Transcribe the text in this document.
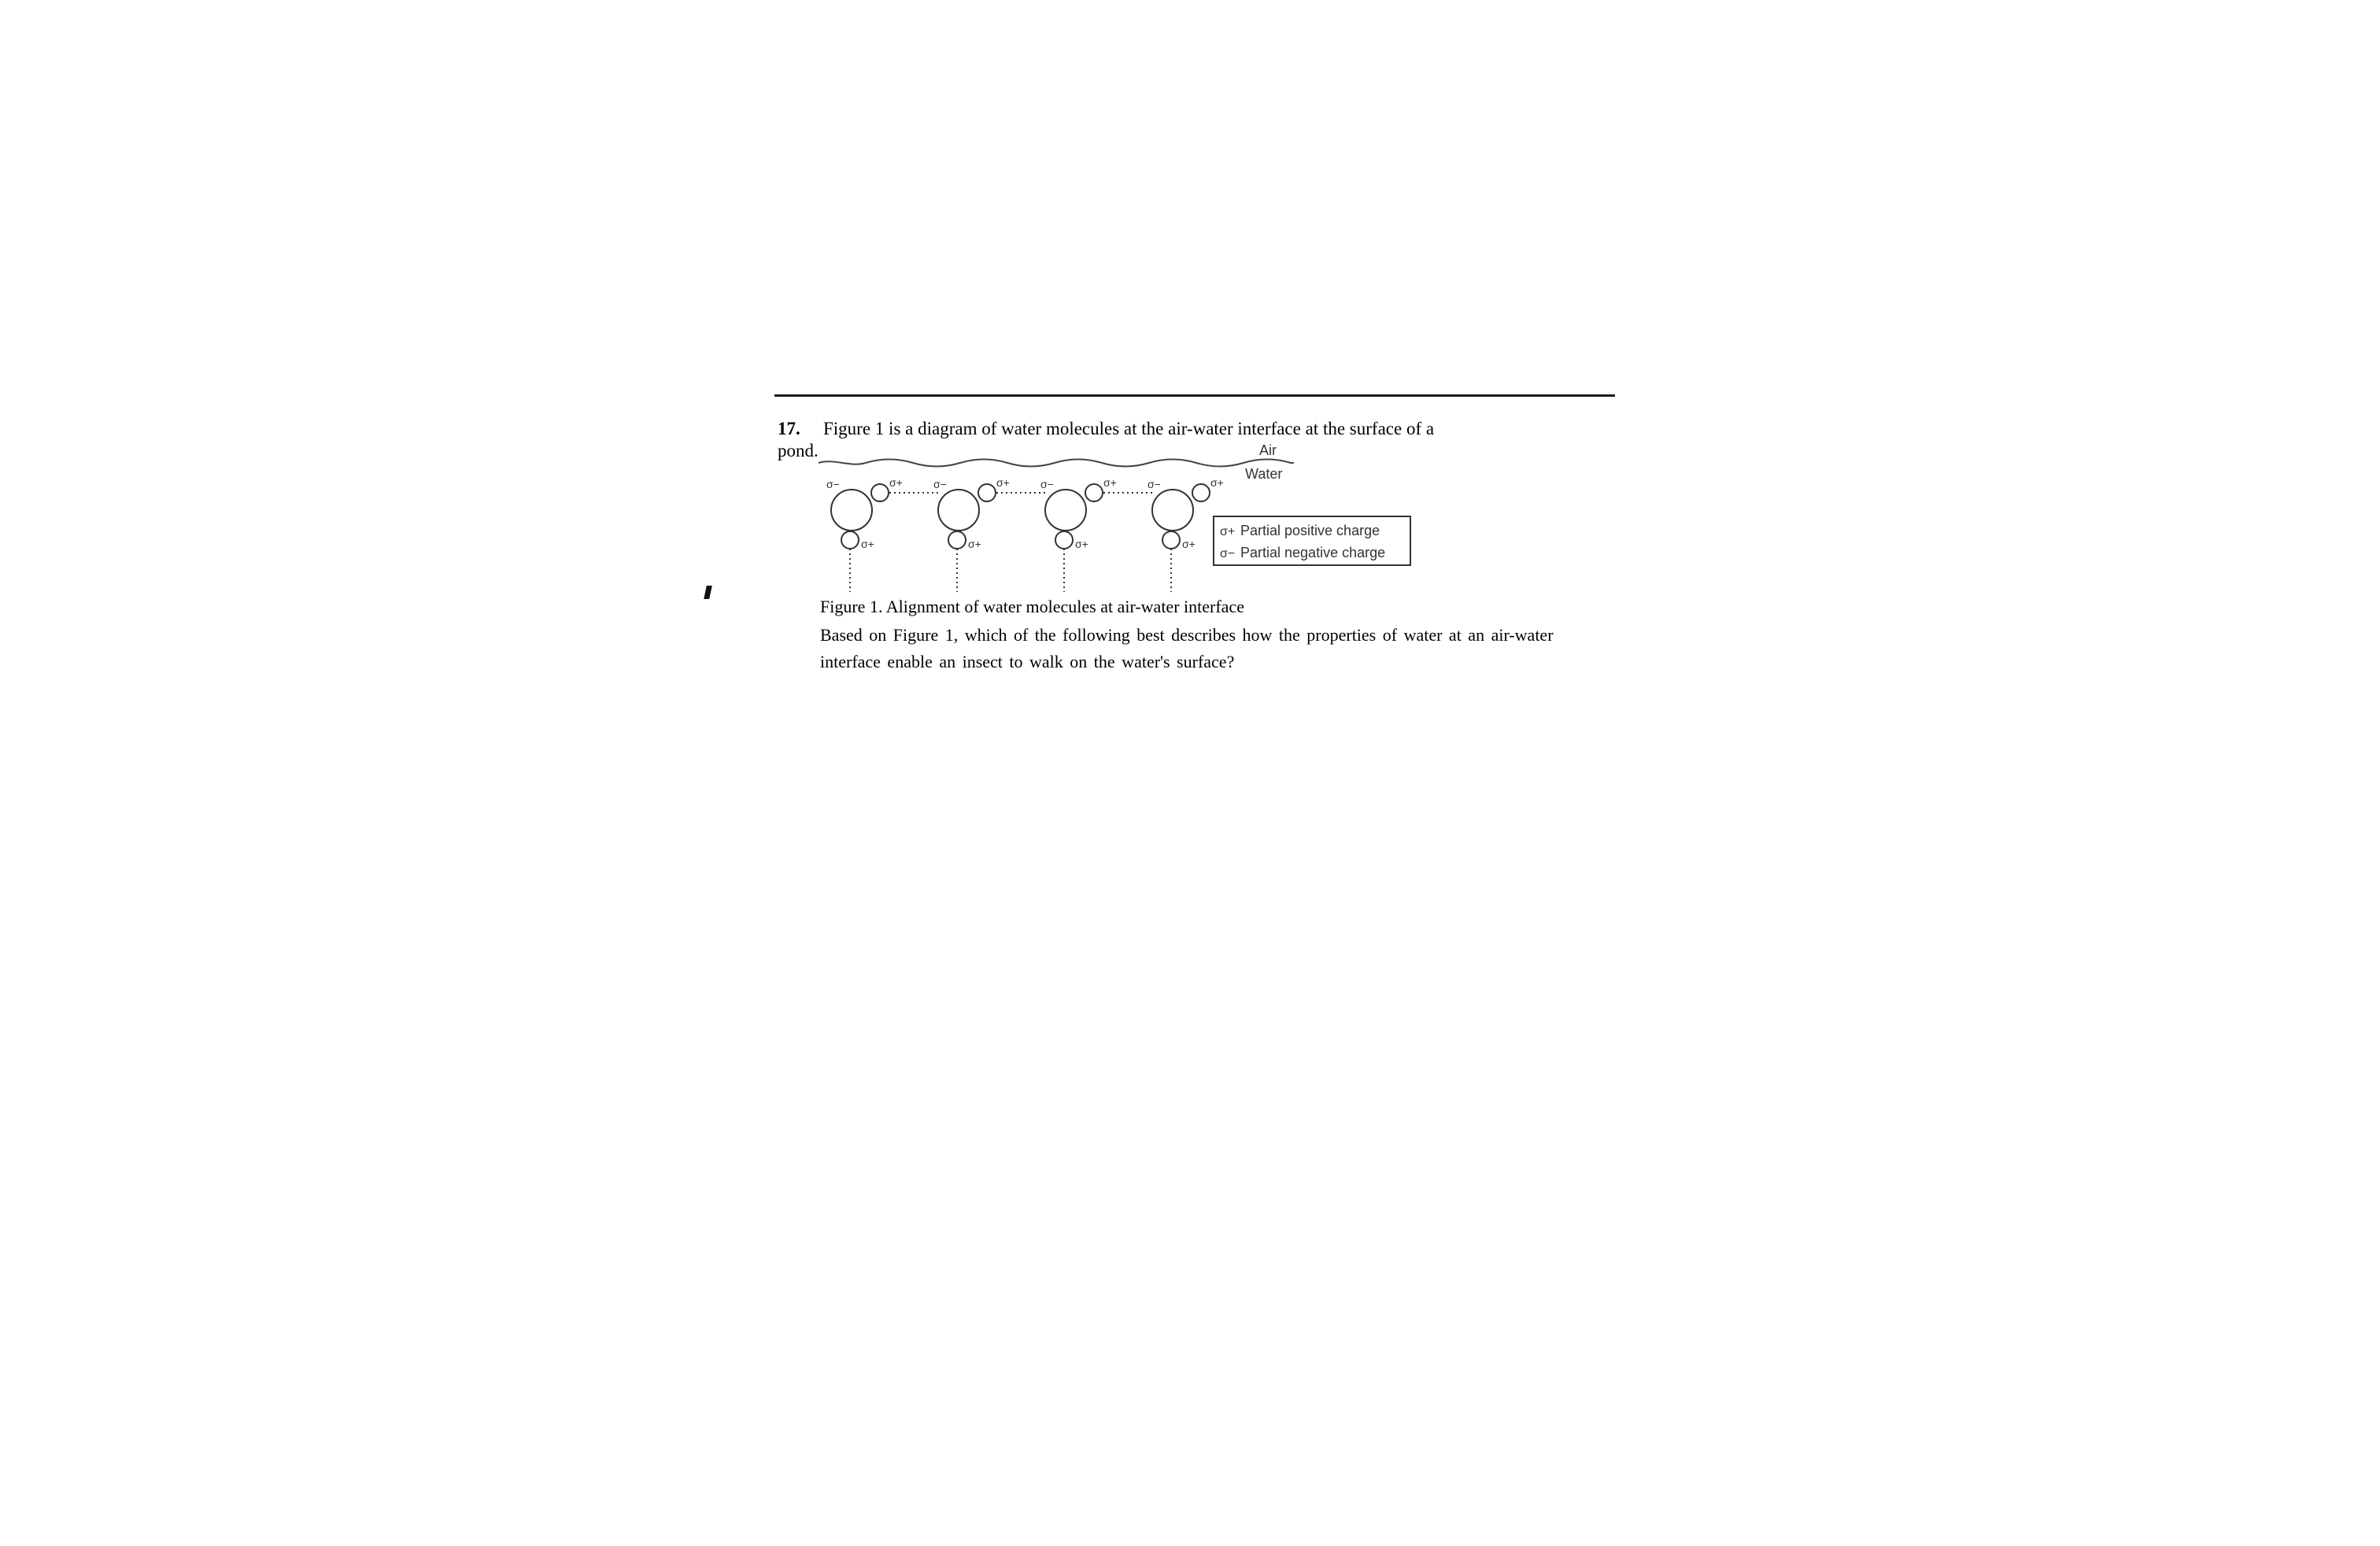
17. Figure 1 is a diagram of water molecules at the air-water interface at the surface of a
pond.	Air
Water
σ−	σ+
σ+
σ−	σ+
σ+
σ−	σ+
σ+
σ−	σ+
σ+
σ+ Partial positive charge
σ− Partial negative charge
Figure 1. Alignment of water molecules at air-water interface
Based on Figure 1, which of the following best describes how the properties of water at an air-water
interface enable an insect to walk on the water's surface?
